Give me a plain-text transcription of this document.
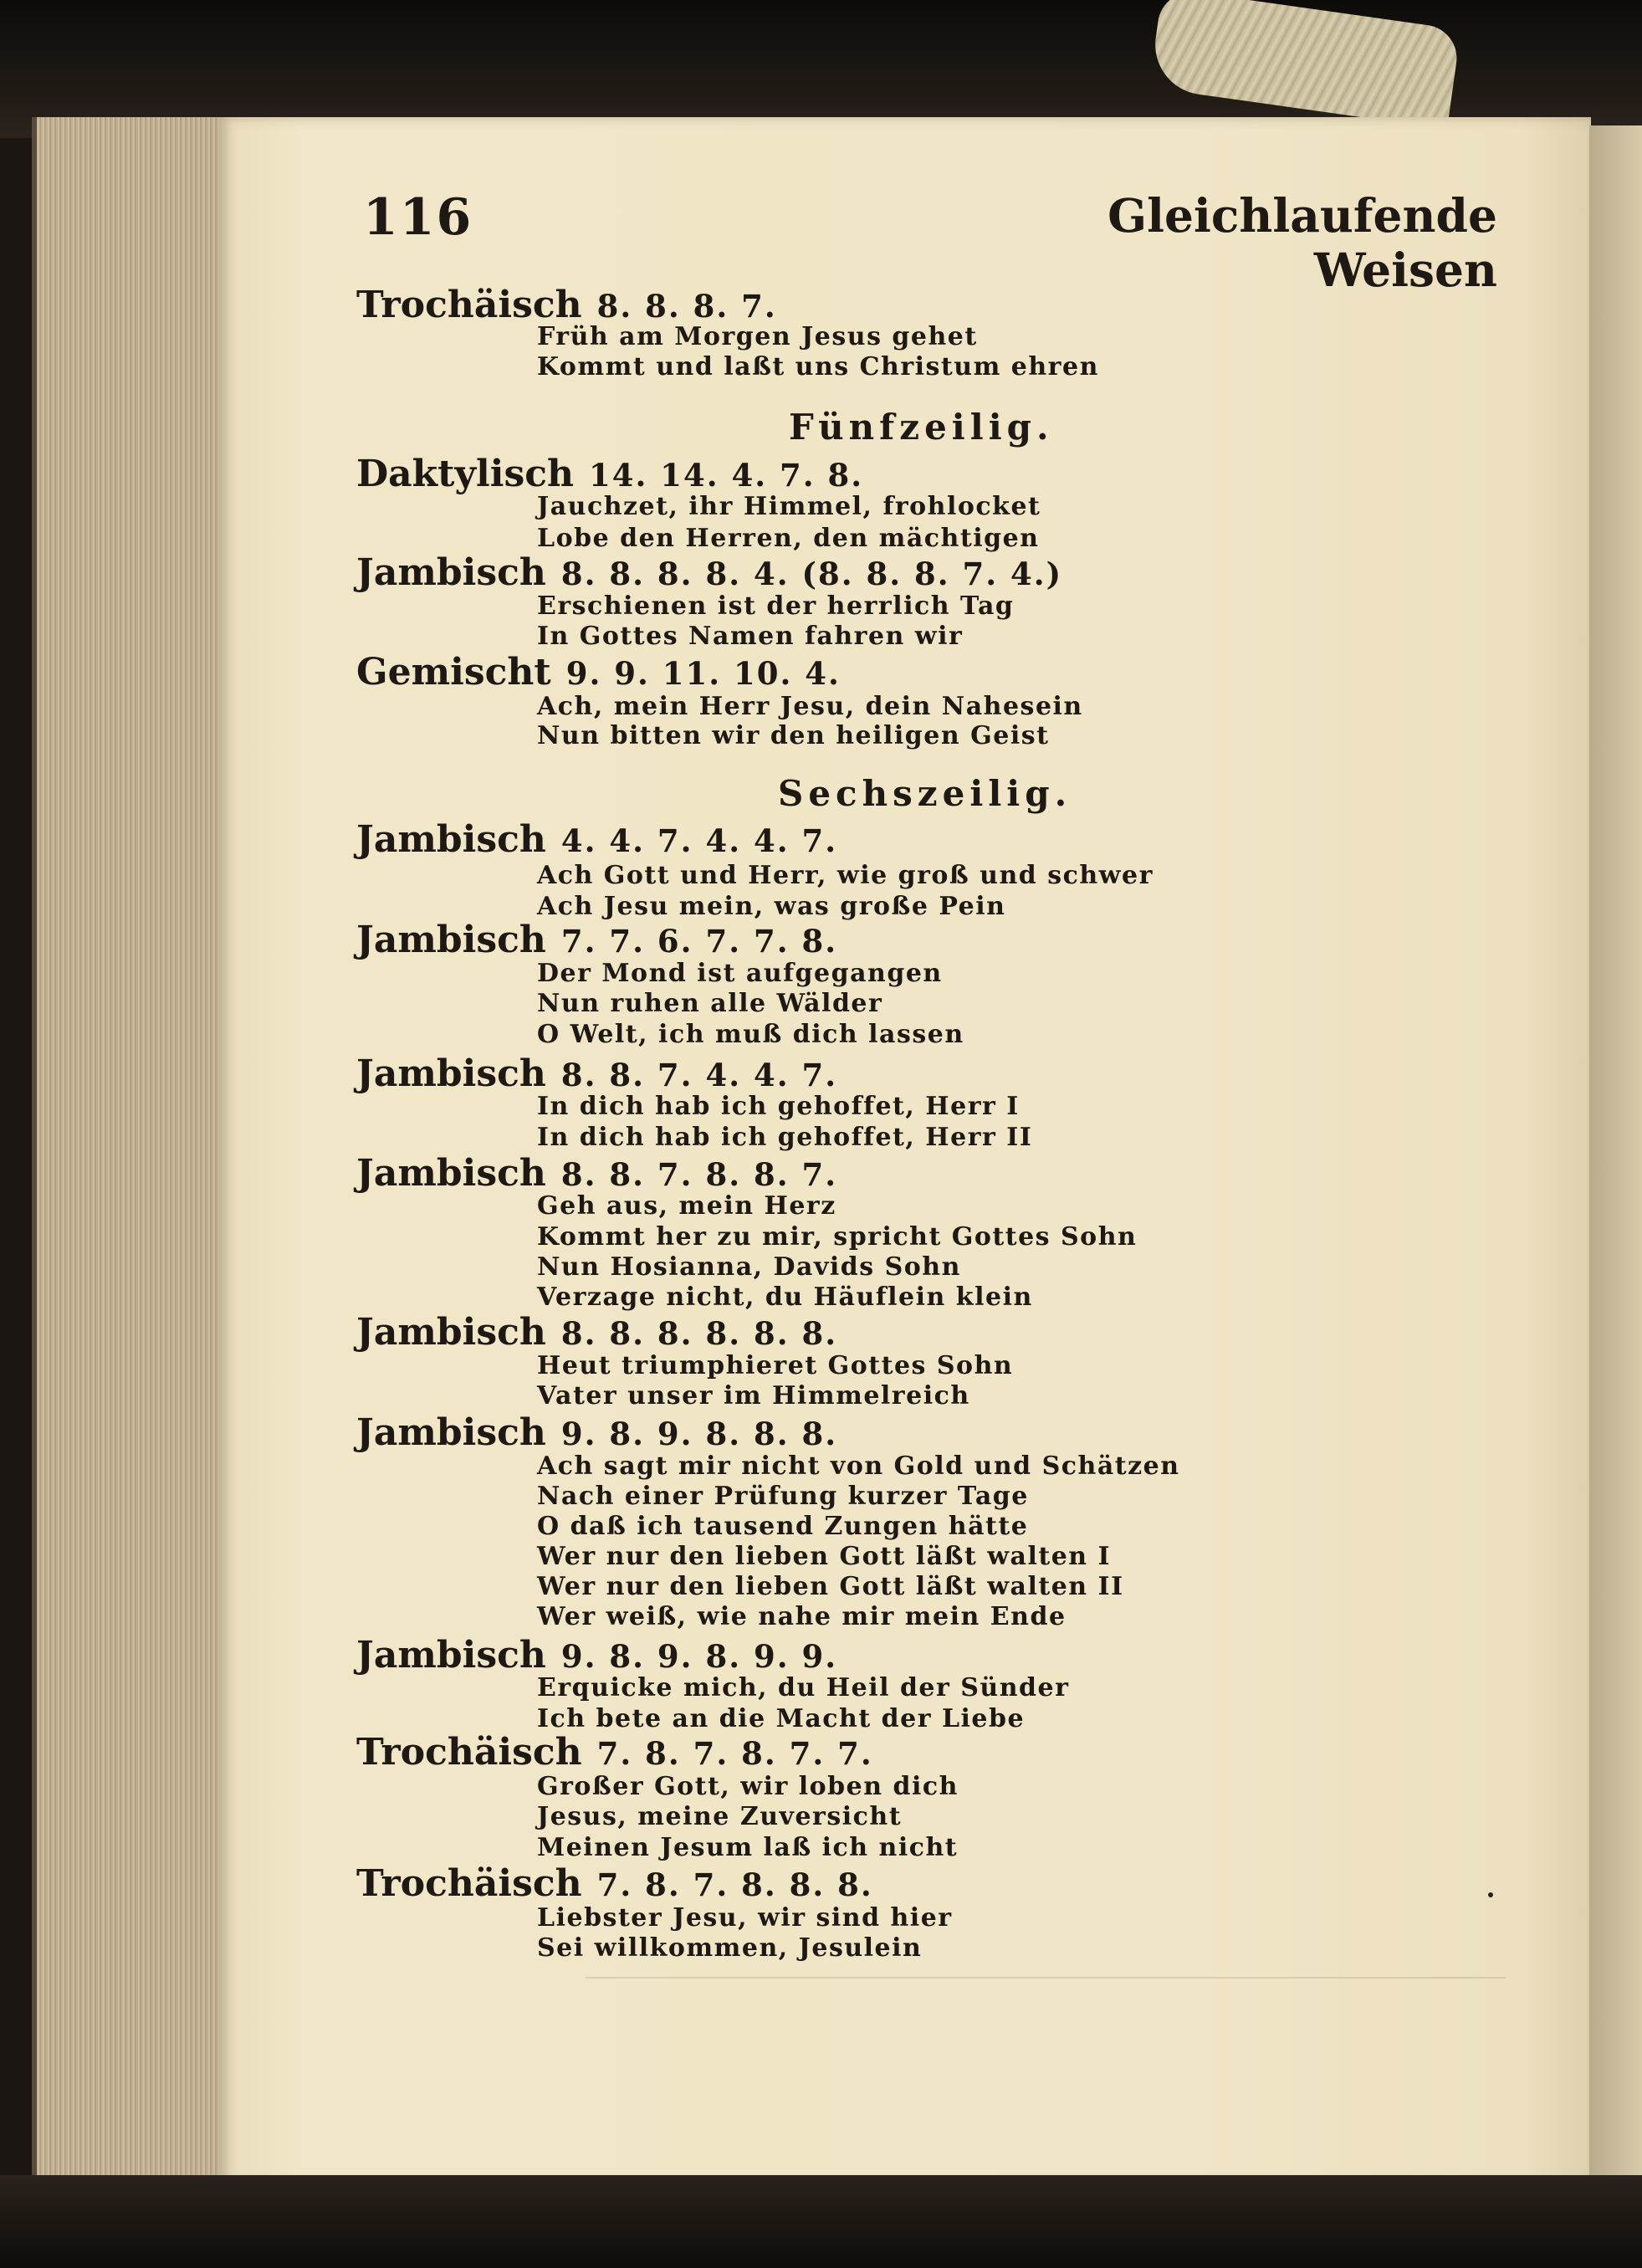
116	Gleichlaufende Weisen
Trochäisch 8. 8. 8. 7.
Früh am Morgen Jesus gehet
Kommt und laßt uns Christum ehren
Fünfzeilig.
Daktylisch 14. 14. 4. 7. 8.
Jauchzet, ihr Himmel, frohlocket
Lobe den Herren, den mächtigen
Jambisch 8. 8. 8. 8. 4. (8. 8. 8. 7. 4.)
Erschienen ist der herrlich Tag
In Gottes Namen fahren wir
Gemischt 9. 9. 11. 10. 4.
Ach, mein Herr Jesu, dein Nahesein
Nun bitten wir den heiligen Geist
Sechszeilig.
Jambisch 4. 4. 7. 4. 4. 7.
Ach Gott und Herr, wie groß und schwer
Ach Jesu mein, was große Pein
Jambisch 7. 7. 6. 7. 7. 8.
Der Mond ist aufgegangen
Nun ruhen alle Wälder
O Welt, ich muß dich lassen
Jambisch 8. 8. 7. 4. 4. 7.
In dich hab ich gehoffet, Herr I
In dich hab ich gehoffet, Herr II
Jambisch 8. 8. 7. 8. 8. 7.
Geh aus, mein Herz
Kommt her zu mir, spricht Gottes Sohn
Nun Hosianna, Davids Sohn
Verzage nicht, du Häuflein klein
Jambisch 8. 8. 8. 8. 8. 8.
Heut triumphieret Gottes Sohn
Vater unser im Himmelreich
Jambisch 9. 8. 9. 8. 8. 8.
Ach sagt mir nicht von Gold und Schätzen
Nach einer Prüfung kurzer Tage
O daß ich tausend Zungen hätte
Wer nur den lieben Gott läßt walten I
Wer nur den lieben Gott läßt walten II
Wer weiß, wie nahe mir mein Ende
Jambisch 9. 8. 9. 8. 9. 9.
Erquicke mich, du Heil der Sünder
Ich bete an die Macht der Liebe
Trochäisch 7. 8. 7. 8. 7. 7.
Großer Gott, wir loben dich
Jesus, meine Zuversicht
Meinen Jesum laß ich nicht
Trochäisch 7. 8. 7. 8. 8. 8.
Liebster Jesu, wir sind hier
Sei willkommen, Jesulein
